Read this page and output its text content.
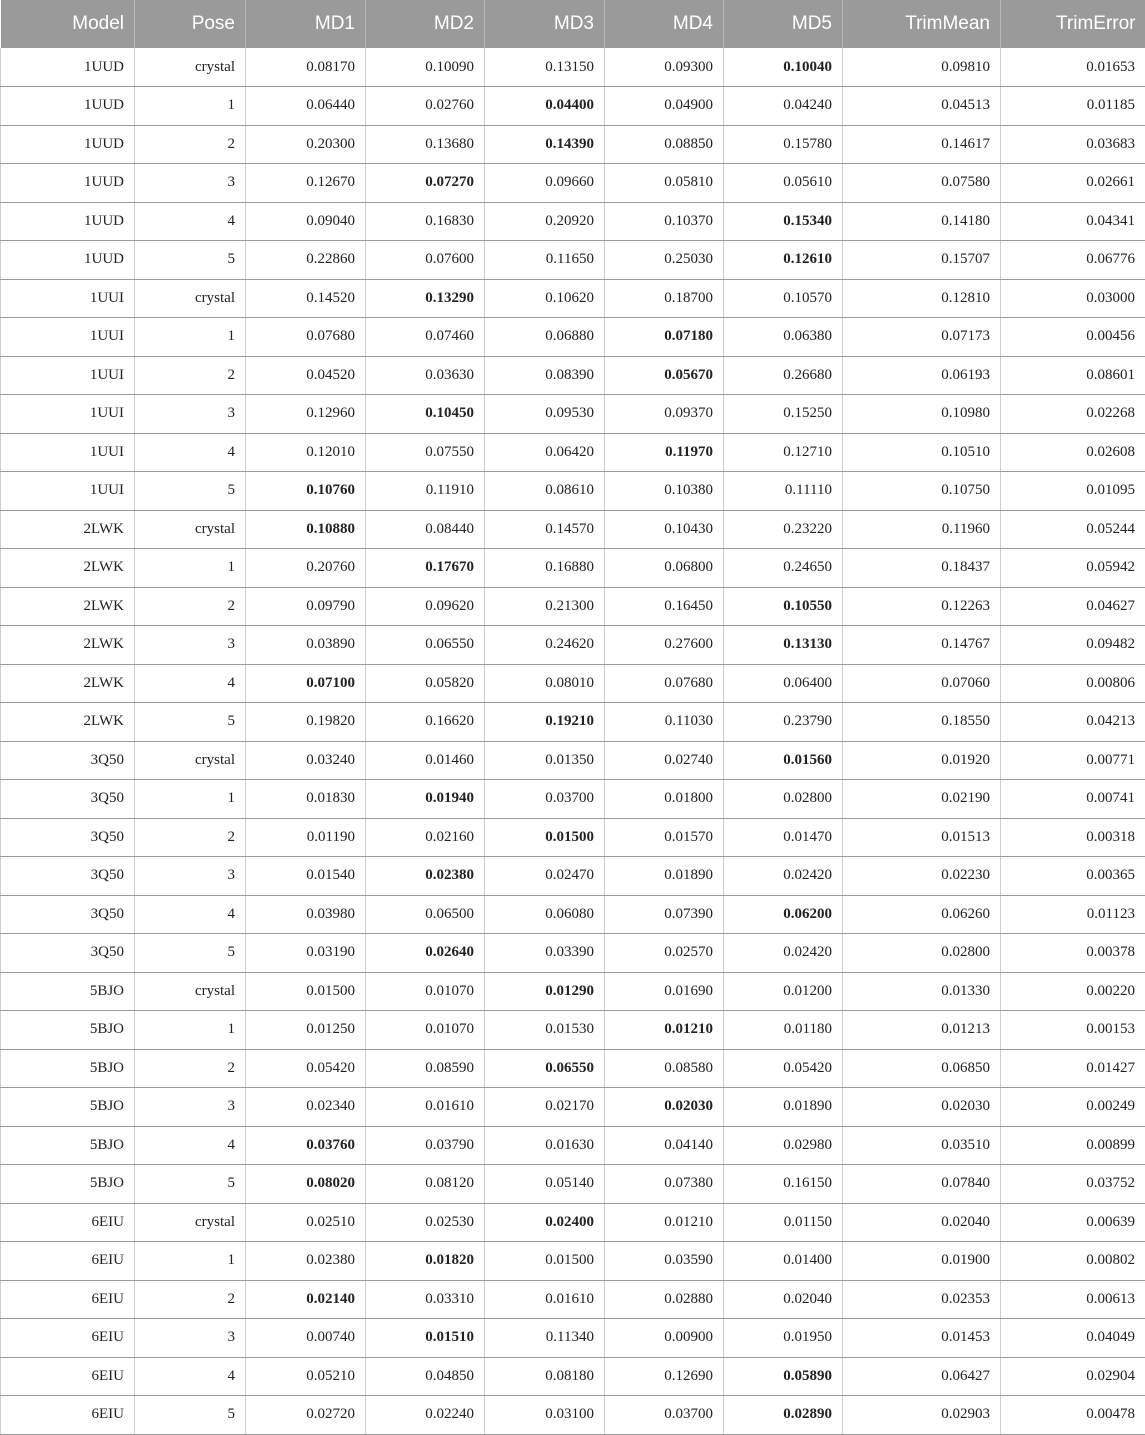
Model	Pose	MD1	MD2	MD3	MD4	MD5	TrimMean	TrimError
1UUD	crystal	0.08170	0.10090	0.13150	0.09300	0.10040	0.09810	0.01653
1UUD	1	0.06440	0.02760	0.04400	0.04900	0.04240	0.04513	0.01185
1UUD	2	0.20300	0.13680	0.14390	0.08850	0.15780	0.14617	0.03683
1UUD	3	0.12670	0.07270	0.09660	0.05810	0.05610	0.07580	0.02661
1UUD	4	0.09040	0.16830	0.20920	0.10370	0.15340	0.14180	0.04341
1UUD	5	0.22860	0.07600	0.11650	0.25030	0.12610	0.15707	0.06776
1UUI	crystal	0.14520	0.13290	0.10620	0.18700	0.10570	0.12810	0.03000
1UUI	1	0.07680	0.07460	0.06880	0.07180	0.06380	0.07173	0.00456
1UUI	2	0.04520	0.03630	0.08390	0.05670	0.26680	0.06193	0.08601
1UUI	3	0.12960	0.10450	0.09530	0.09370	0.15250	0.10980	0.02268
1UUI	4	0.12010	0.07550	0.06420	0.11970	0.12710	0.10510	0.02608
1UUI	5	0.10760	0.11910	0.08610	0.10380	0.11110	0.10750	0.01095
2LWK	crystal	0.10880	0.08440	0.14570	0.10430	0.23220	0.11960	0.05244
2LWK	1	0.20760	0.17670	0.16880	0.06800	0.24650	0.18437	0.05942
2LWK	2	0.09790	0.09620	0.21300	0.16450	0.10550	0.12263	0.04627
2LWK	3	0.03890	0.06550	0.24620	0.27600	0.13130	0.14767	0.09482
2LWK	4	0.07100	0.05820	0.08010	0.07680	0.06400	0.07060	0.00806
2LWK	5	0.19820	0.16620	0.19210	0.11030	0.23790	0.18550	0.04213
3Q50	crystal	0.03240	0.01460	0.01350	0.02740	0.01560	0.01920	0.00771
3Q50	1	0.01830	0.01940	0.03700	0.01800	0.02800	0.02190	0.00741
3Q50	2	0.01190	0.02160	0.01500	0.01570	0.01470	0.01513	0.00318
3Q50	3	0.01540	0.02380	0.02470	0.01890	0.02420	0.02230	0.00365
3Q50	4	0.03980	0.06500	0.06080	0.07390	0.06200	0.06260	0.01123
3Q50	5	0.03190	0.02640	0.03390	0.02570	0.02420	0.02800	0.00378
5BJO	crystal	0.01500	0.01070	0.01290	0.01690	0.01200	0.01330	0.00220
5BJO	1	0.01250	0.01070	0.01530	0.01210	0.01180	0.01213	0.00153
5BJO	2	0.05420	0.08590	0.06550	0.08580	0.05420	0.06850	0.01427
5BJO	3	0.02340	0.01610	0.02170	0.02030	0.01890	0.02030	0.00249
5BJO	4	0.03760	0.03790	0.01630	0.04140	0.02980	0.03510	0.00899
5BJO	5	0.08020	0.08120	0.05140	0.07380	0.16150	0.07840	0.03752
6EIU	crystal	0.02510	0.02530	0.02400	0.01210	0.01150	0.02040	0.00639
6EIU	1	0.02380	0.01820	0.01500	0.03590	0.01400	0.01900	0.00802
6EIU	2	0.02140	0.03310	0.01610	0.02880	0.02040	0.02353	0.00613
6EIU	3	0.00740	0.01510	0.11340	0.00900	0.01950	0.01453	0.04049
6EIU	4	0.05210	0.04850	0.08180	0.12690	0.05890	0.06427	0.02904
6EIU	5	0.02720	0.02240	0.03100	0.03700	0.02890	0.02903	0.00478
